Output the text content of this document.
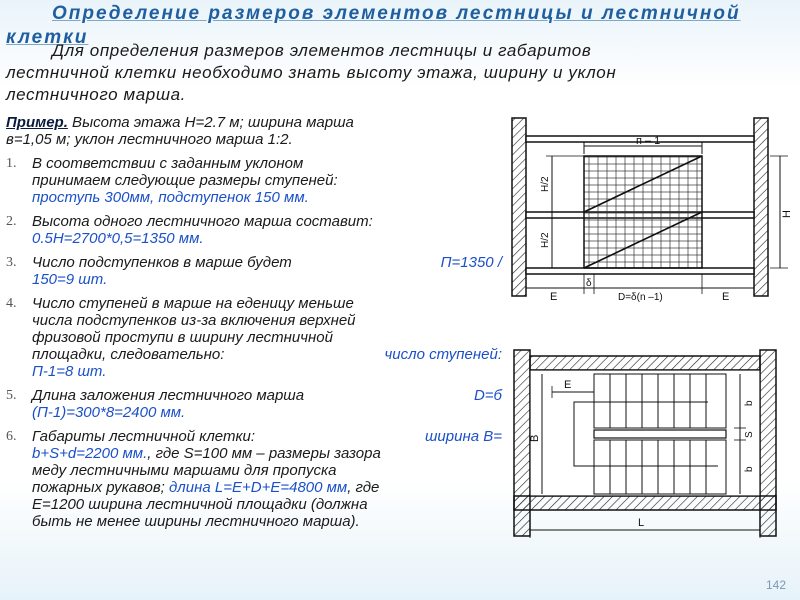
Определение размеров элементов лестницы и лестничной
клетки
Для определения размеров элементов лестницы и габаритов
лестничной клетки необходимо знать высоту этажа, ширину и уклон
лестничного марша.
Пример. Высота этажа Н=2.7 м; ширина марша
в=1,05 м; уклон лестничного марша 1:2.
1.	В соответствии с заданным уклоном
принимаем следующие размеры ступеней:
проступь 300мм, подступенок 150 мм.
2.	Высота одного лестничного марша составит:
0.5Н=2700*0,5=1350 мм.
3.	Число подступенков в марше будет	П=1350 /
150=9 шт.
4.	Число ступеней в марше на еденицу меньше
числа подступенков из-за включения верхней
фризовой проступи в ширину лестничной
площадки, следовательно:	число ступеней:
П-1=8 шт.
5.	Длина заложения лестничного марша	D=б
(П-1)=300*8=2400 мм.
6.	Габариты лестничной клетки:	ширина В=
b+S+d=2200 мм., где S=100 мм – размеры зазора
меду лестничными маршами для пропуска
пожарных рукавов; длина L=Е+D+Е=4800 мм, где
Е=1200 ширина лестничной площадки (должна
быть не менее ширины лестничного марша).
п – 1
H/2
H/2
H
E
δ
D=δ(n –1)	E
E
B
b
S
b
L
142
